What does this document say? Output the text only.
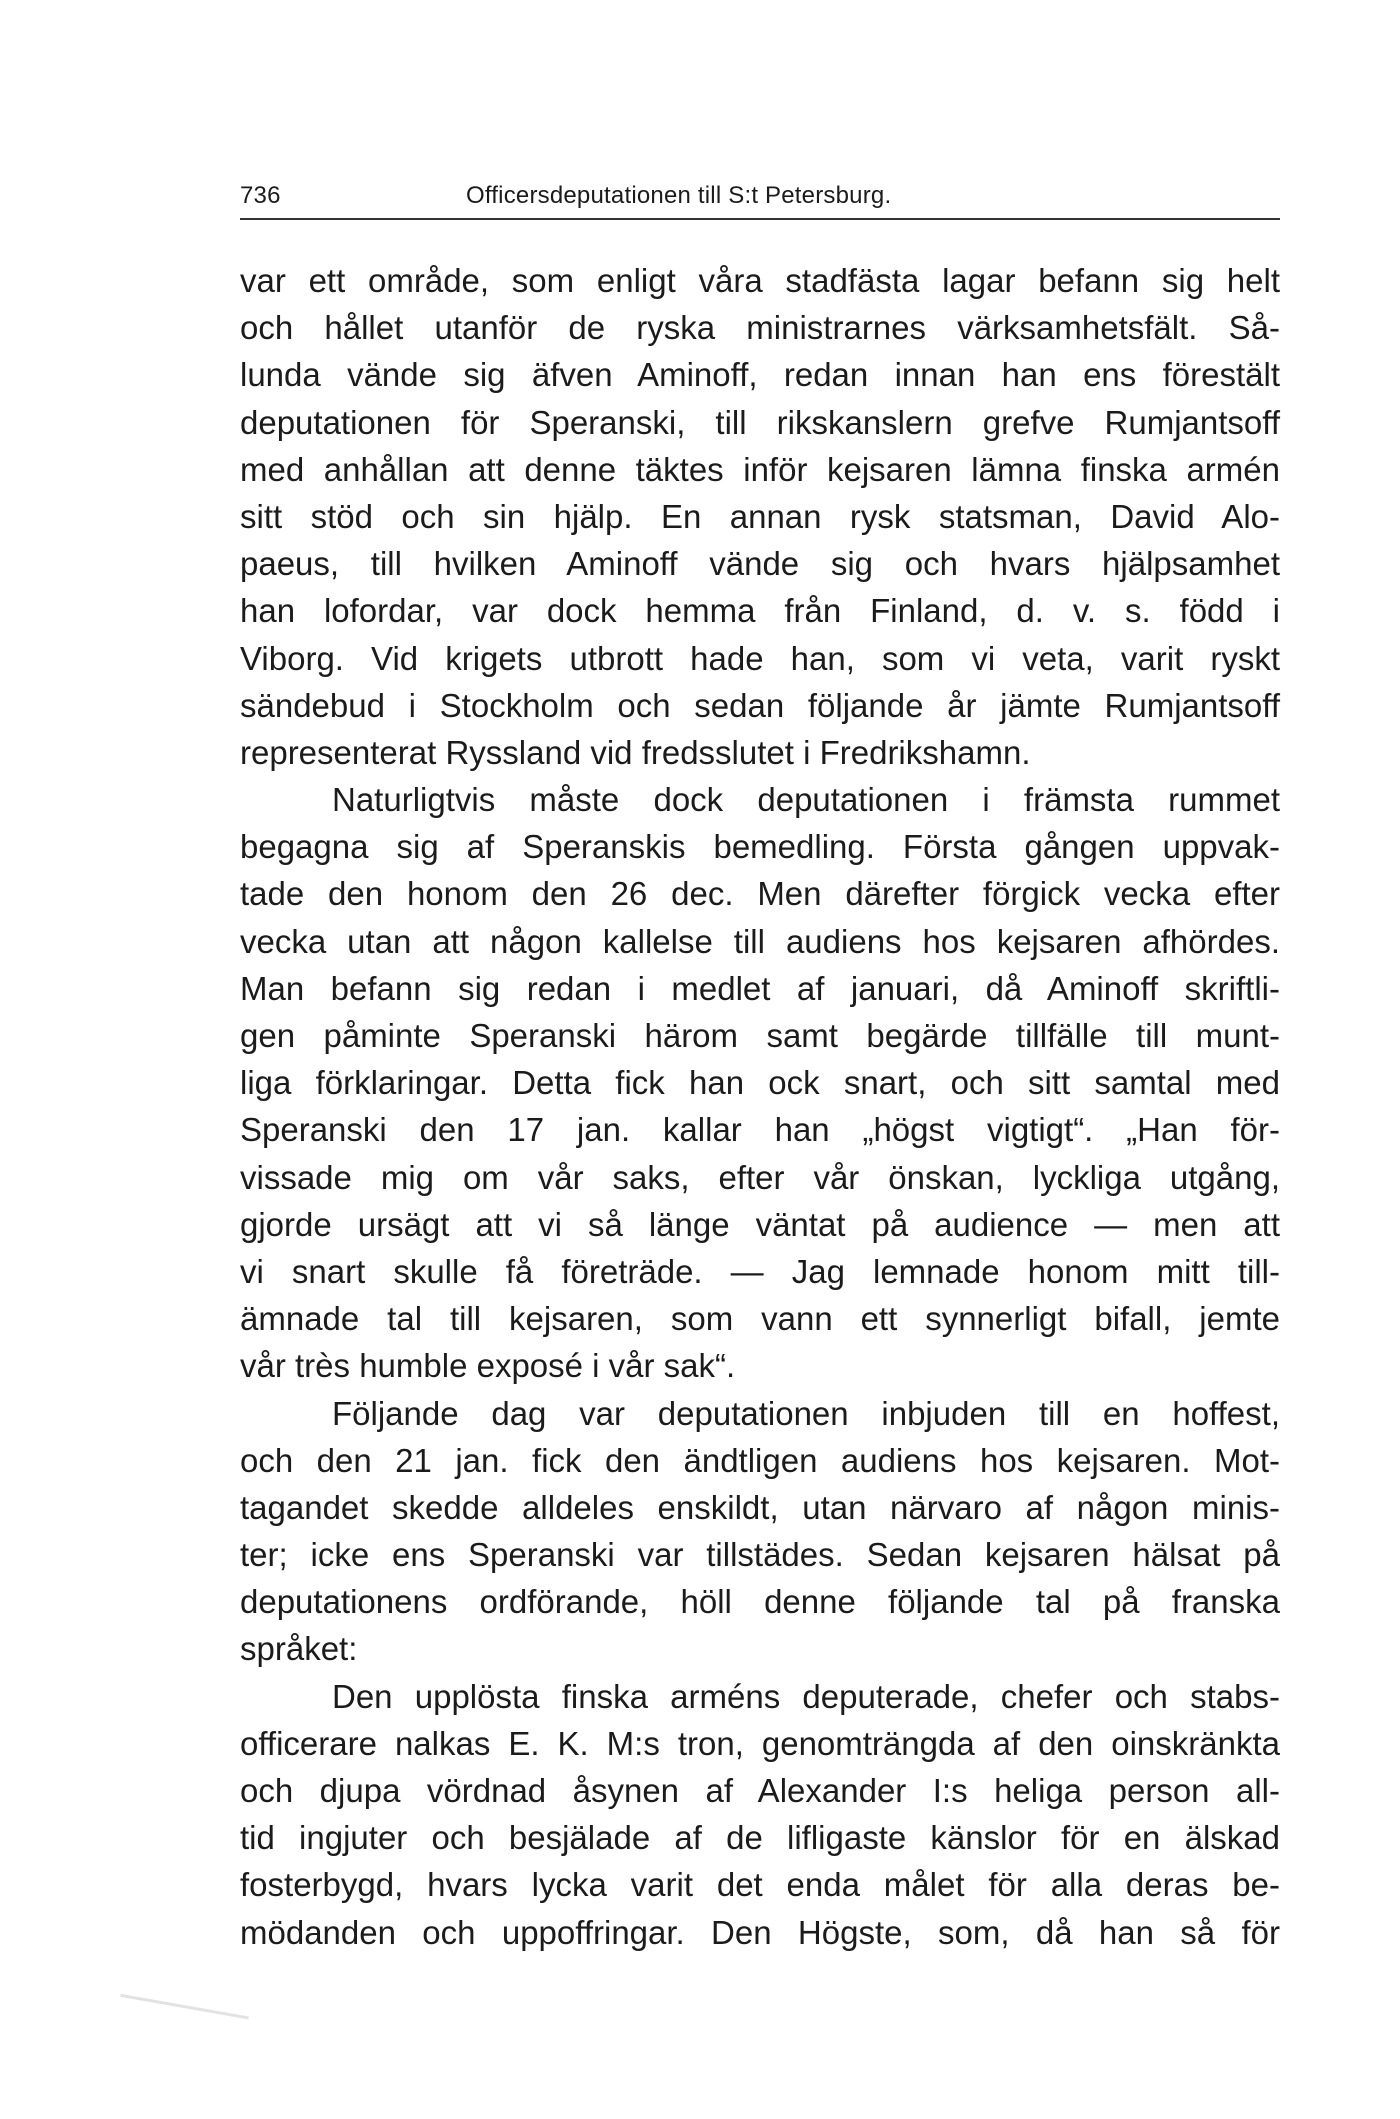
736	Officersdeputationen till S:t Petersburg.
var ett område, som enligt våra stadfästa lagar befann sig helt
och hållet utanför de ryska ministrarnes värksamhetsfält. Så-
lunda vände sig äfven Aminoff, redan innan han ens förestält
deputationen för Speranski, till rikskanslern grefve Rumjantsoff
med anhållan att denne täktes inför kejsaren lämna finska armén
sitt stöd och sin hjälp. En annan rysk statsman, David Alo-
paeus, till hvilken Aminoff vände sig och hvars hjälpsamhet
han lofordar, var dock hemma från Finland, d. v. s. född i
Viborg. Vid krigets utbrott hade han, som vi veta, varit ryskt
sändebud i Stockholm och sedan följande år jämte Rumjantsoff
representerat Ryssland vid fredsslutet i Fredrikshamn.
Naturligtvis måste dock deputationen i främsta rummet
begagna sig af Speranskis bemedling. Första gången uppvak-
tade den honom den 26 dec. Men därefter förgick vecka efter
vecka utan att någon kallelse till audiens hos kejsaren afhördes.
Man befann sig redan i medlet af januari, då Aminoff skriftli-
gen påminte Speranski härom samt begärde tillfälle till munt-
liga förklaringar. Detta fick han ock snart, och sitt samtal med
Speranski den 17 jan. kallar han „högst vigtigt“. „Han för-
vissade mig om vår saks, efter vår önskan, lyckliga utgång,
gjorde ursägt att vi så länge väntat på audience — men att
vi snart skulle få företräde. — Jag lemnade honom mitt till-
ämnade tal till kejsaren, som vann ett synnerligt bifall, jemte
vår très humble exposé i vår sak“.
Följande dag var deputationen inbjuden till en hoffest,
och den 21 jan. fick den ändtligen audiens hos kejsaren. Mot-
tagandet skedde alldeles enskildt, utan närvaro af någon minis-
ter; icke ens Speranski var tillstädes. Sedan kejsaren hälsat på
deputationens ordförande, höll denne följande tal på franska
språket:
Den upplösta finska arméns deputerade, chefer och stabs-
officerare nalkas E. K. M:s tron, genomträngda af den oinskränkta
och djupa vördnad åsynen af Alexander I:s heliga person all-
tid ingjuter och besjälade af de lifligaste känslor för en älskad
fosterbygd, hvars lycka varit det enda målet för alla deras be-
mödanden och uppoffringar. Den Högste, som, då han så för
